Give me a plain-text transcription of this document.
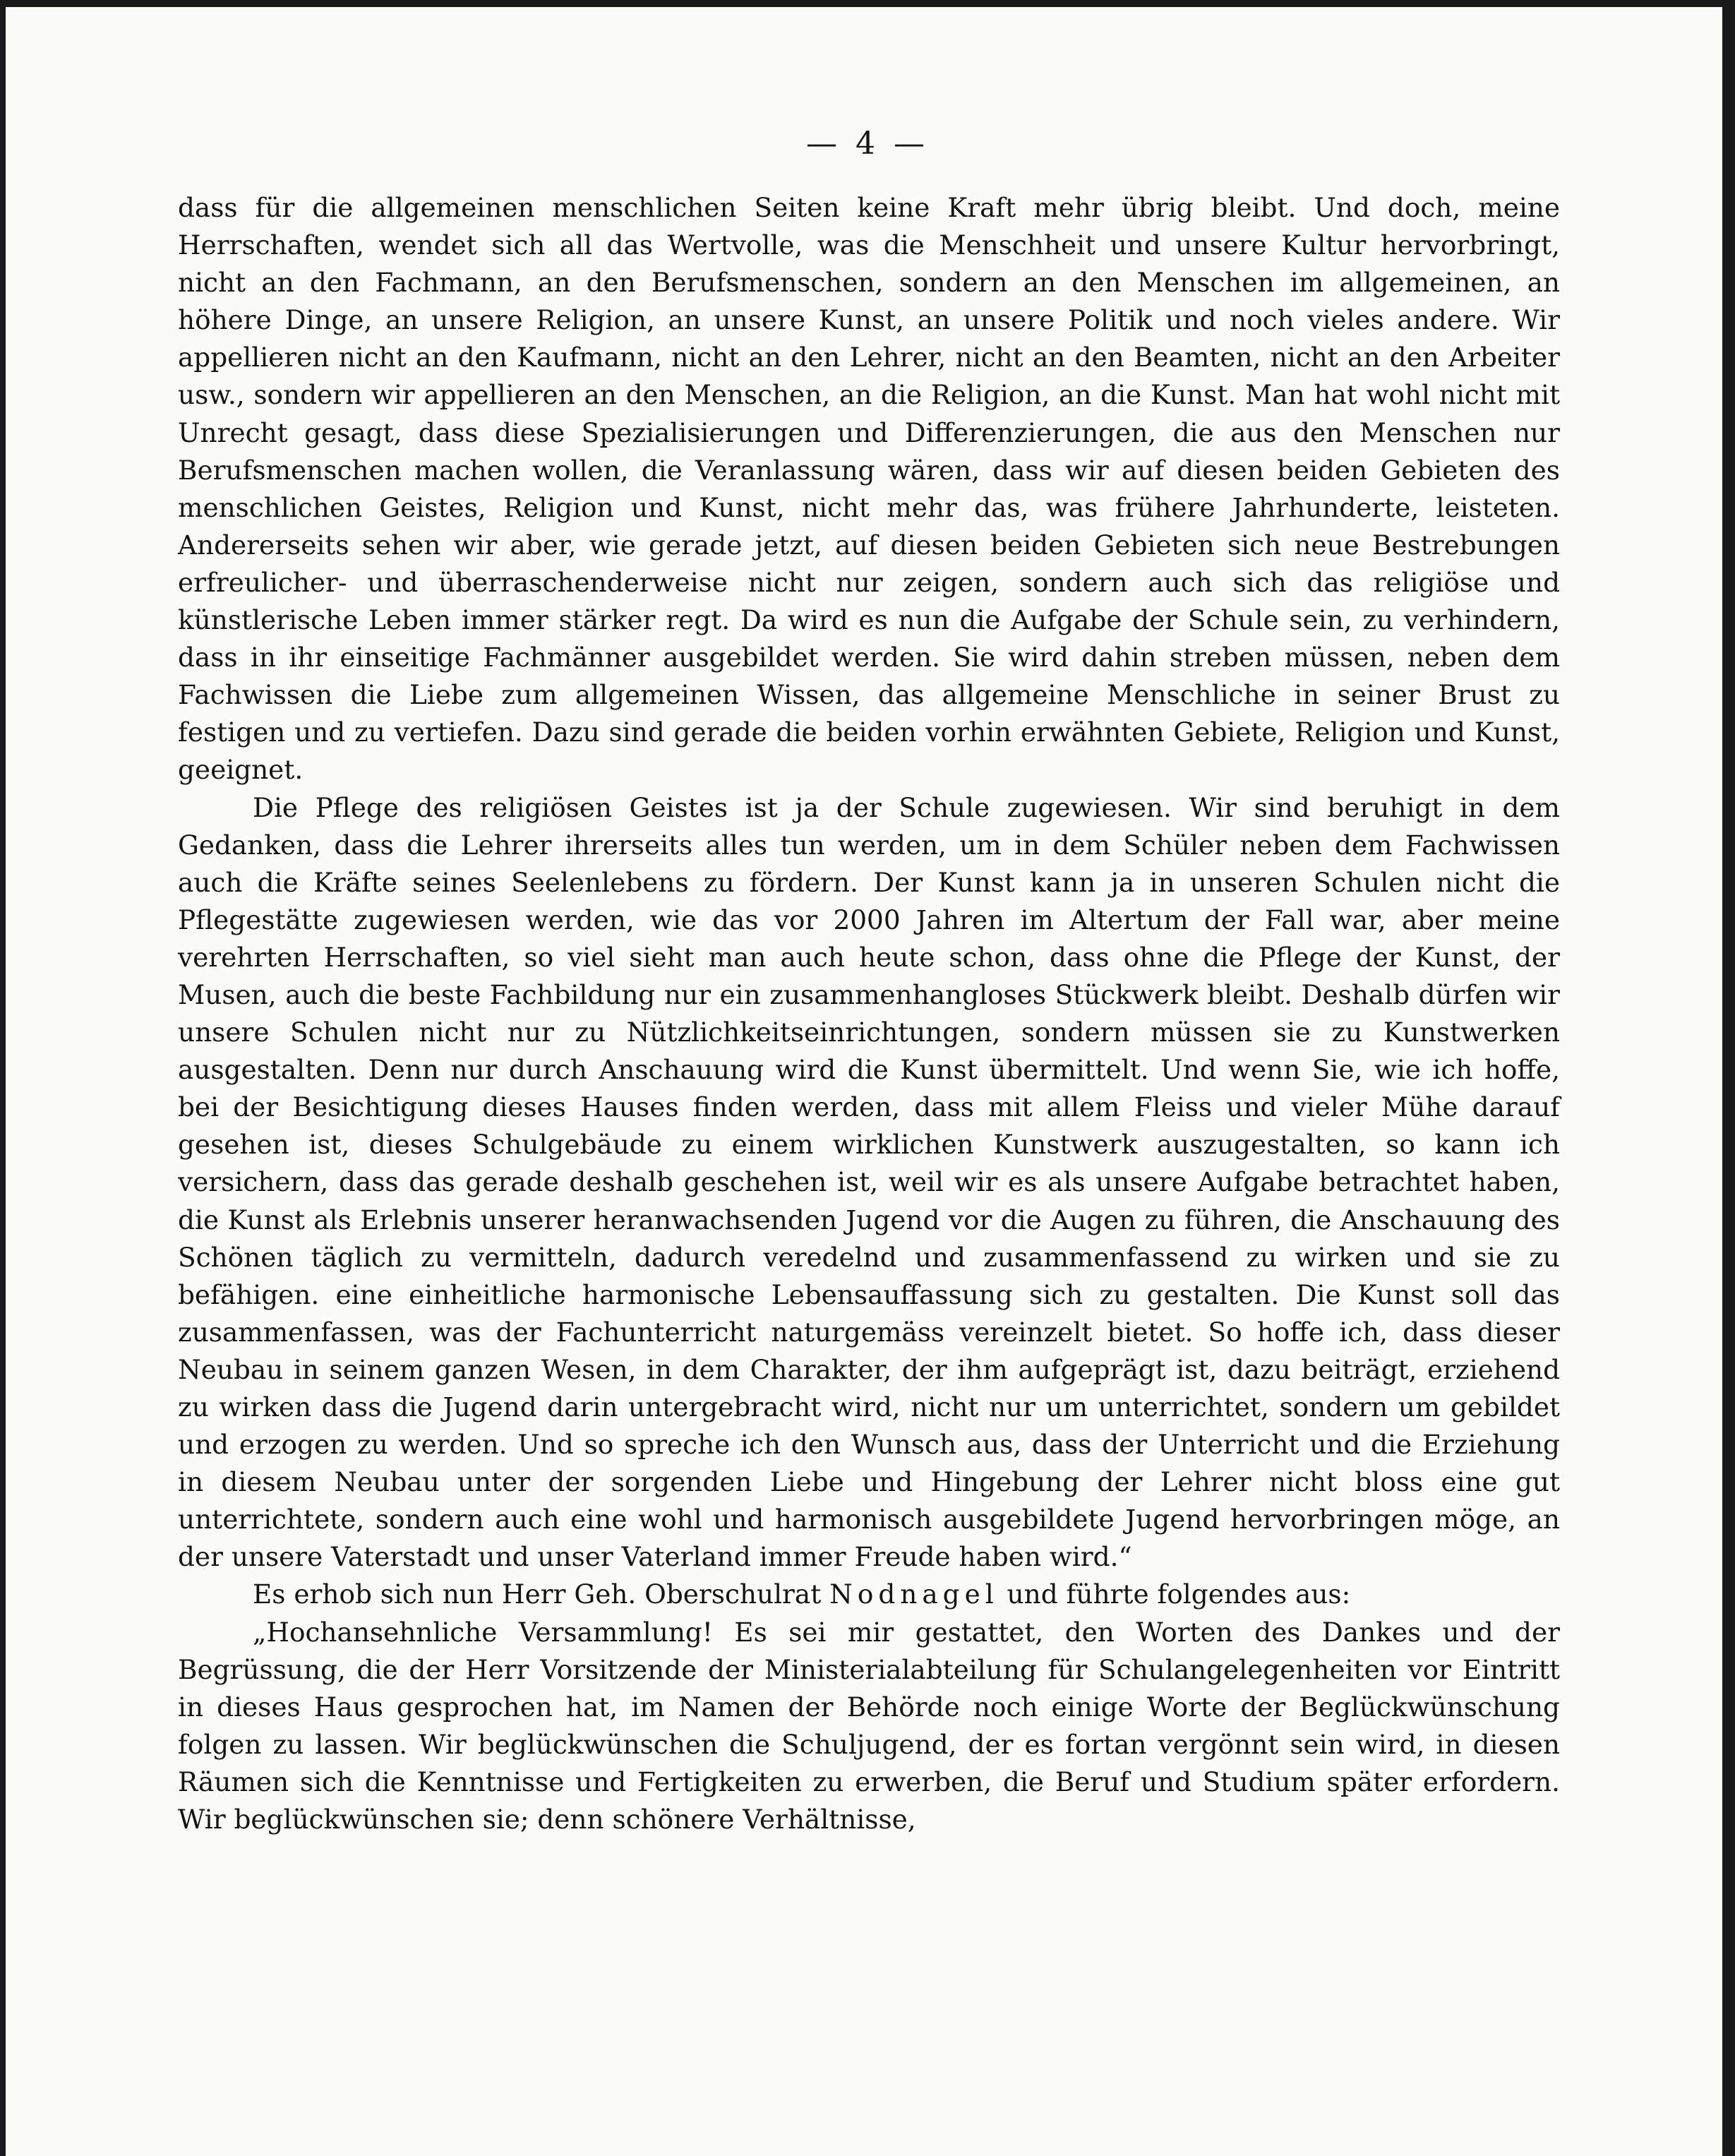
— 4 —

dass für die allgemeinen menschlichen Seiten keine Kraft mehr übrig bleibt. Und doch, meine Herrschaften, wendet sich all das Wertvolle, was die Menschheit und unsere Kultur hervorbringt, nicht an den Fachmann, an den Berufsmenschen, sondern an den Menschen im allgemeinen, an höhere Dinge, an unsere Religion, an unsere Kunst, an unsere Politik und noch vieles andere. Wir appellieren nicht an den Kaufmann, nicht an den Lehrer, nicht an den Beamten, nicht an den Arbeiter usw., sondern wir appellieren an den Menschen, an die Religion, an die Kunst. Man hat wohl nicht mit Unrecht gesagt, dass diese Spezialisierungen und Differenzierungen, die aus den Menschen nur Berufsmenschen machen wollen, die Veranlassung wären, dass wir auf diesen beiden Gebieten des menschlichen Geistes, Religion und Kunst, nicht mehr das, was frühere Jahrhunderte, leisteten. Andererseits sehen wir aber, wie gerade jetzt, auf diesen beiden Gebieten sich neue Bestrebungen erfreulicher- und überraschenderweise nicht nur zeigen, sondern auch sich das religiöse und künstlerische Leben immer stärker regt. Da wird es nun die Aufgabe der Schule sein, zu verhindern, dass in ihr einseitige Fachmänner ausgebildet werden. Sie wird dahin streben müssen, neben dem Fachwissen die Liebe zum allgemeinen Wissen, das allgemeine Menschliche in seiner Brust zu festigen und zu vertiefen. Dazu sind gerade die beiden vorhin erwähnten Gebiete, Religion und Kunst, geeignet.

Die Pflege des religiösen Geistes ist ja der Schule zugewiesen. Wir sind beruhigt in dem Gedanken, dass die Lehrer ihrerseits alles tun werden, um in dem Schüler neben dem Fachwissen auch die Kräfte seines Seelenlebens zu fördern. Der Kunst kann ja in unseren Schulen nicht die Pflegestätte zugewiesen werden, wie das vor 2000 Jahren im Altertum der Fall war, aber meine verehrten Herrschaften, so viel sieht man auch heute schon, dass ohne die Pflege der Kunst, der Musen, auch die beste Fachbildung nur ein zusammenhangloses Stückwerk bleibt. Deshalb dürfen wir unsere Schulen nicht nur zu Nützlichkeitseinrichtungen, sondern müssen sie zu Kunstwerken ausgestalten. Denn nur durch Anschauung wird die Kunst übermittelt. Und wenn Sie, wie ich hoffe, bei der Besichtigung dieses Hauses finden werden, dass mit allem Fleiss und vieler Mühe darauf gesehen ist, dieses Schulgebäude zu einem wirklichen Kunstwerk auszugestalten, so kann ich versichern, dass das gerade deshalb geschehen ist, weil wir es als unsere Aufgabe betrachtet haben, die Kunst als Erlebnis unserer heranwachsenden Jugend vor die Augen zu führen, die Anschauung des Schönen täglich zu vermitteln, dadurch veredelnd und zusammenfassend zu wirken und sie zu befähigen. eine einheitliche harmonische Lebensauffassung sich zu gestalten. Die Kunst soll das zusammenfassen, was der Fachunterricht naturgemäss vereinzelt bietet. So hoffe ich, dass dieser Neubau in seinem ganzen Wesen, in dem Charakter, der ihm aufgeprägt ist, dazu beiträgt, erziehend zu wirken dass die Jugend darin untergebracht wird, nicht nur um unterrichtet, sondern um gebildet und erzogen zu werden. Und so spreche ich den Wunsch aus, dass der Unterricht und die Erziehung in diesem Neubau unter der sorgenden Liebe und Hingebung der Lehrer nicht bloss eine gut unterrichtete, sondern auch eine wohl und harmonisch ausgebildete Jugend hervorbringen möge, an der unsere Vaterstadt und unser Vaterland immer Freude haben wird.“

Es erhob sich nun Herr Geh. Oberschulrat Nodnagel und führte folgendes aus:

„Hochansehnliche Versammlung! Es sei mir gestattet, den Worten des Dankes und der Begrüssung, die der Herr Vorsitzende der Ministerialabteilung für Schulangelegenheiten vor Eintritt in dieses Haus gesprochen hat, im Namen der Behörde noch einige Worte der Beglückwünschung folgen zu lassen. Wir beglückwünschen die Schuljugend, der es fortan vergönnt sein wird, in diesen Räumen sich die Kenntnisse und Fertigkeiten zu erwerben, die Beruf und Studium später erfordern. Wir beglückwünschen sie; denn schönere Verhältnisse,
